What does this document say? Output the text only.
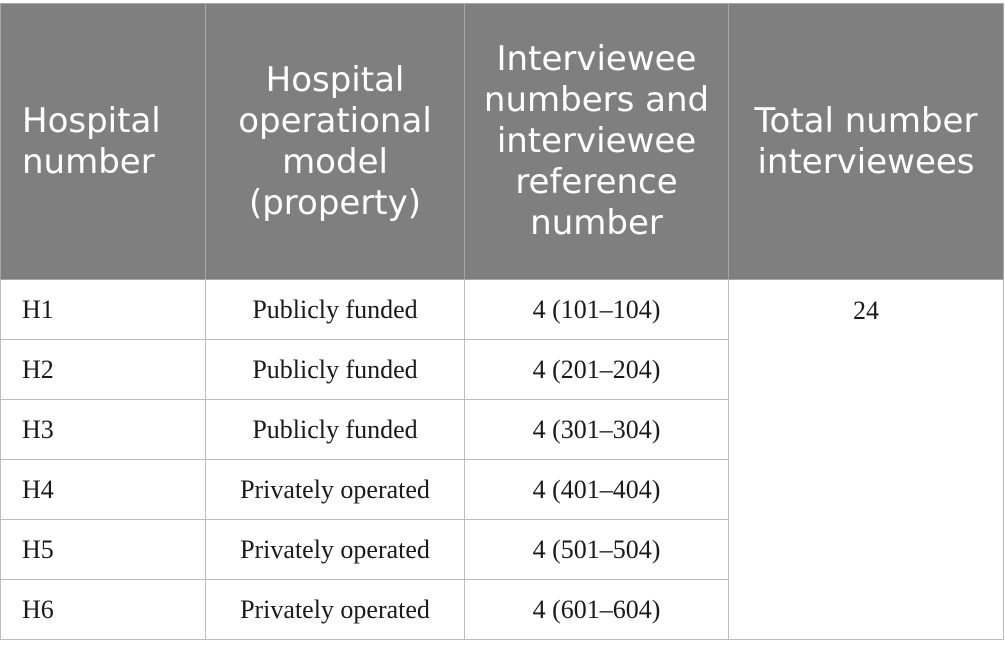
Hospital number	Hospital operational model (property)	Interviewee numbers and interviewee reference number	Total number interviewees
H1	Publicly funded	4 (101–104)	24
H2	Publicly funded	4 (201–204)	
H3	Publicly funded	4 (301–304)	
H4	Privately operated	4 (401–404)	
H5	Privately operated	4 (501–504)	
H6	Privately operated	4 (601–604)	
